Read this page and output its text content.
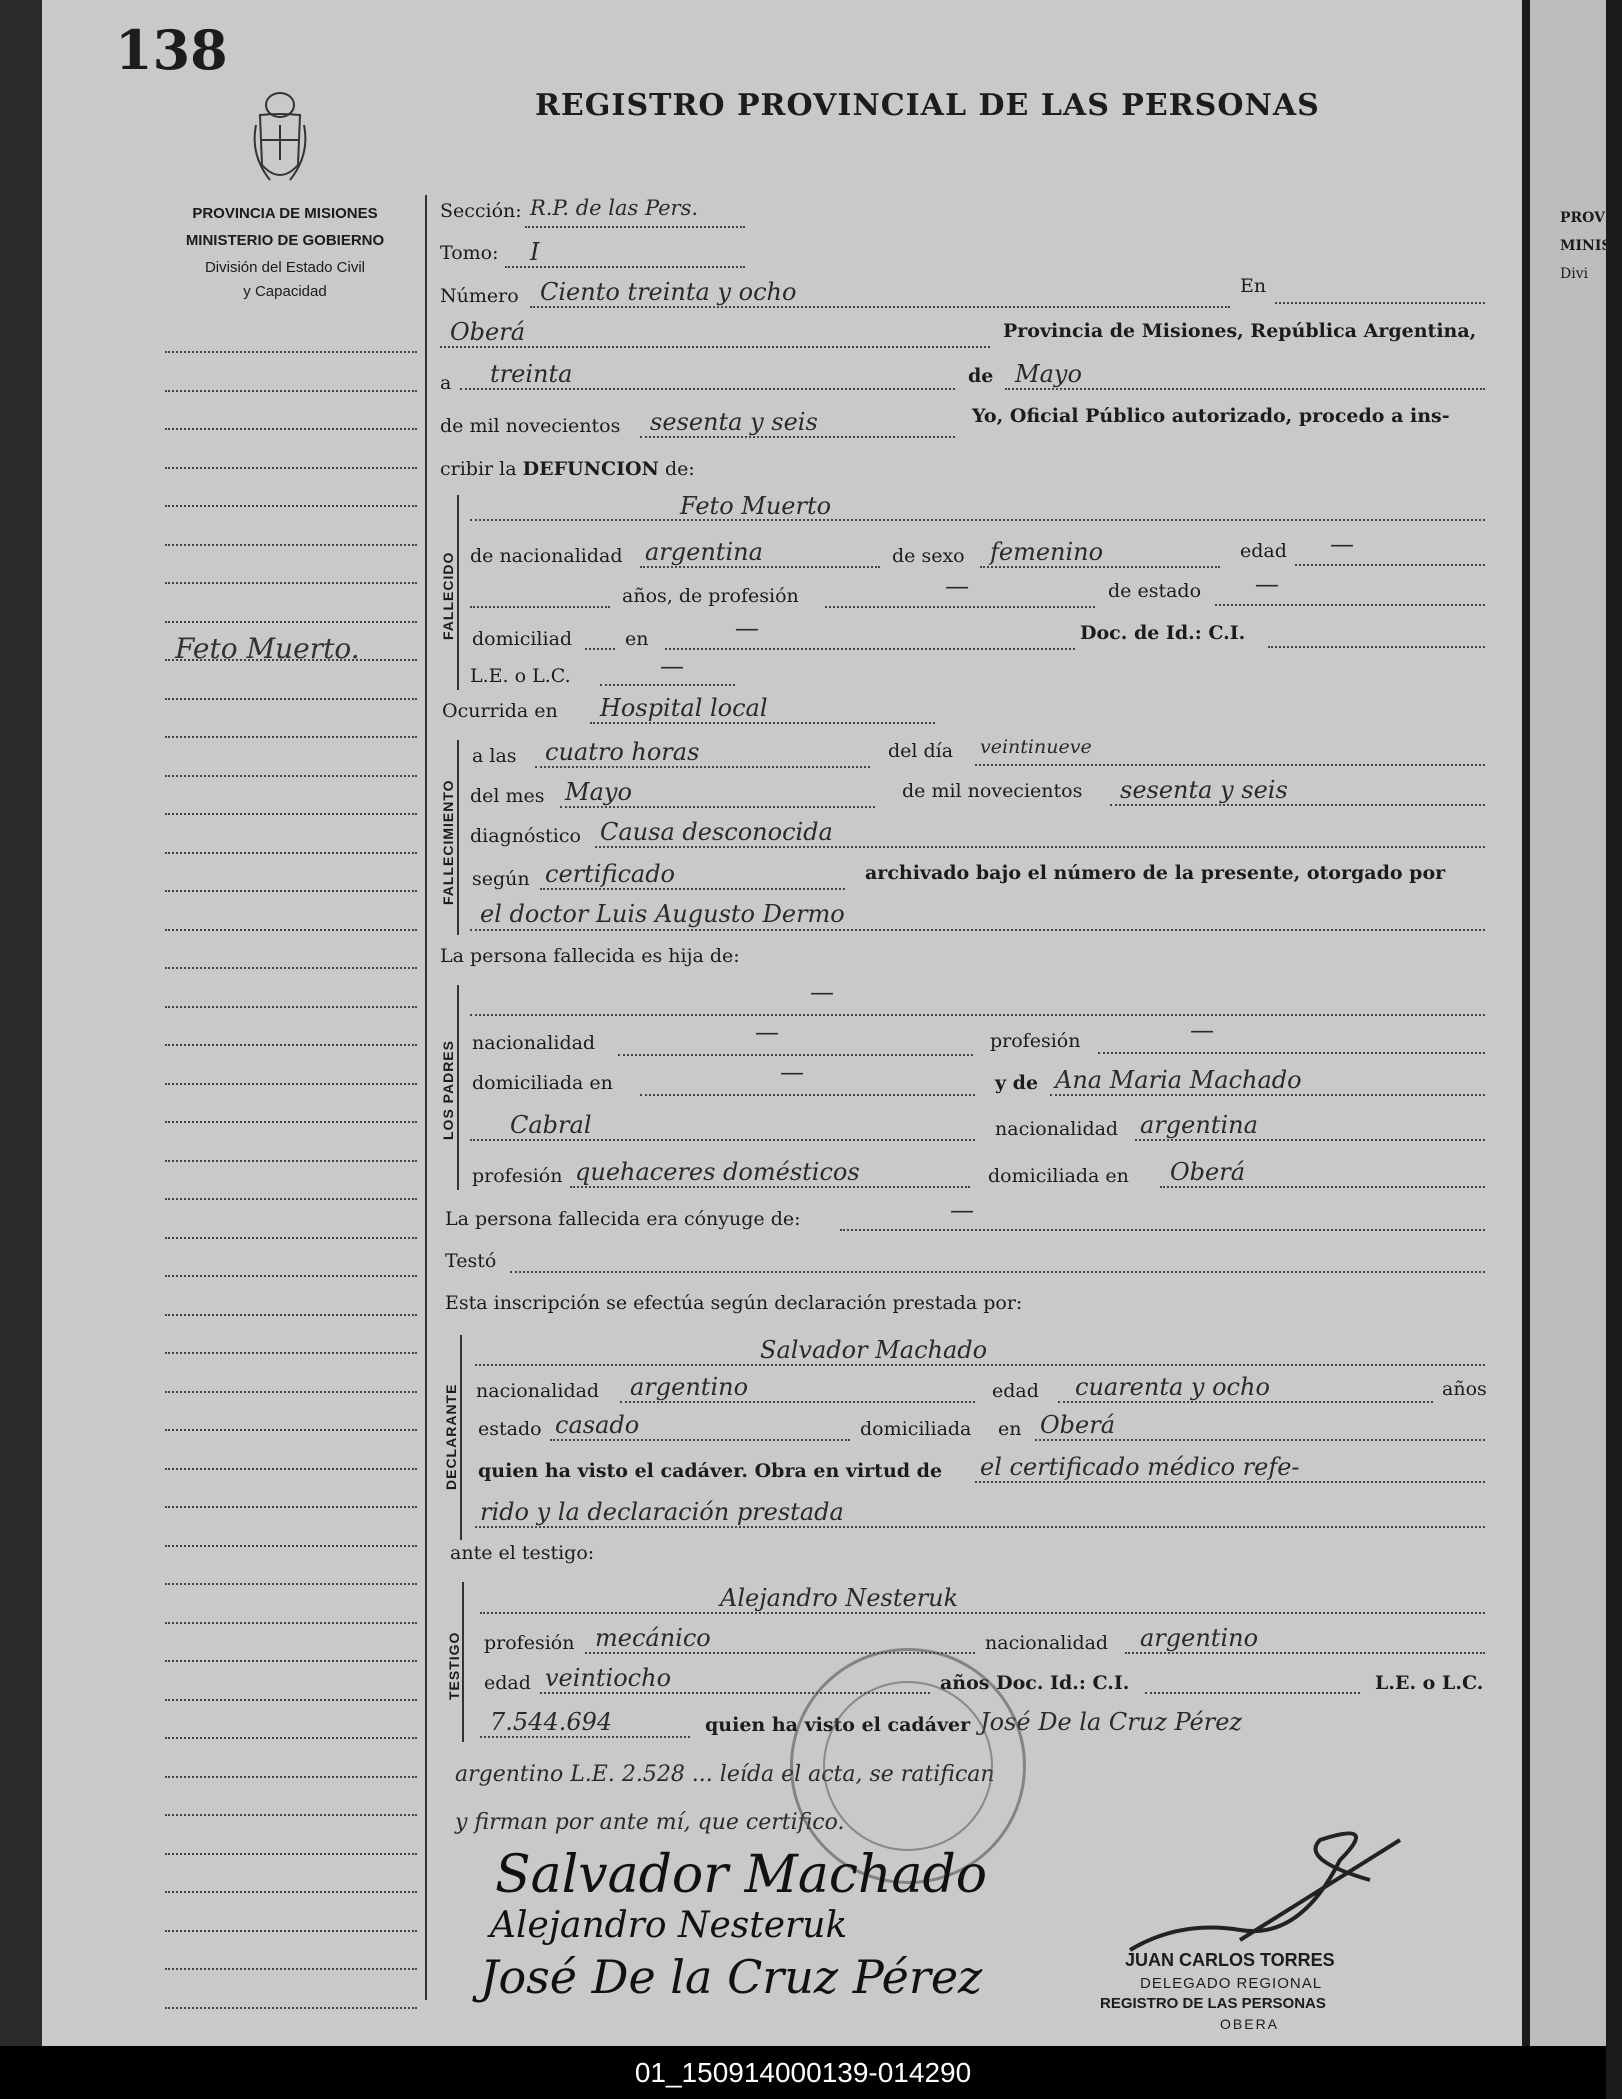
PROV
MINIST
Divi
138
REGISTRO PROVINCIAL DE LAS PERSONAS
PROVINCIA DE MISIONES
MINISTERIO DE GOBIERNO
División del Estado Civil
y Capacidad
Feto Muerto.
Sección: R.P. de las Pers.
Tomo: I
Número Ciento treinta y ocho	En
Oberá	Provincia de Misiones, República Argentina,
a treinta	de Mayo
de mil novecientos sesenta y seis	Yo, Oficial Público autorizado, procedo a ins-
cribir la DEFUNCION de:
FALLECIDO
Feto Muerto
de nacionalidad argentina	de sexo femenino	edad —
años, de profesión	—	de estado —
domiciliad	en	—	Doc. de Id.: C.I.
L.E. o L.C.	—
Ocurrida en Hospital local
FALLECIMIENTO
a las cuatro horas	del día veintinueve
del mes Mayo	de mil novecientos sesenta y seis
diagnóstico Causa desconocida
según certificado	archivado bajo el número de la presente, otorgado por
el doctor Luis Augusto Dermo
La persona fallecida es hija de:
LOS PADRES
—
nacionalidad	—	profesión	—
domiciliada en	—	y de Ana Maria Machado
Cabral	nacionalidad argentina
profesión quehaceres domésticos	domiciliada en Oberá
La persona fallecida era cónyuge de:	—
Testó
Esta inscripción se efectúa según declaración prestada por:
DECLARANTE
Salvador Machado
nacionalidad argentino	edad cuarenta y ocho	años
estado casado	domiciliada en Oberá
quien ha visto el cadáver. Obra en virtud de el certificado médico refe-
rido y la declaración prestada
ante el testigo:
TESTIGO
Alejandro Nesteruk
profesión mecánico	nacionalidad argentino
edad veintiocho	años Doc. Id.: C.I.	L.E. o L.C.
7.544.694	quien ha visto el cadáver José De la Cruz Pérez
argentino L.E. 2.528 ... leída el acta, se ratifican
y firman por ante mí, que certifico.
Salvador Machado
Alejandro Nesteruk
José De la Cruz Pérez	JUAN CARLOS TORRES
DELEGADO REGIONAL
REGISTRO DE LAS PERSONAS
OBERA
01_150914000139-014290
